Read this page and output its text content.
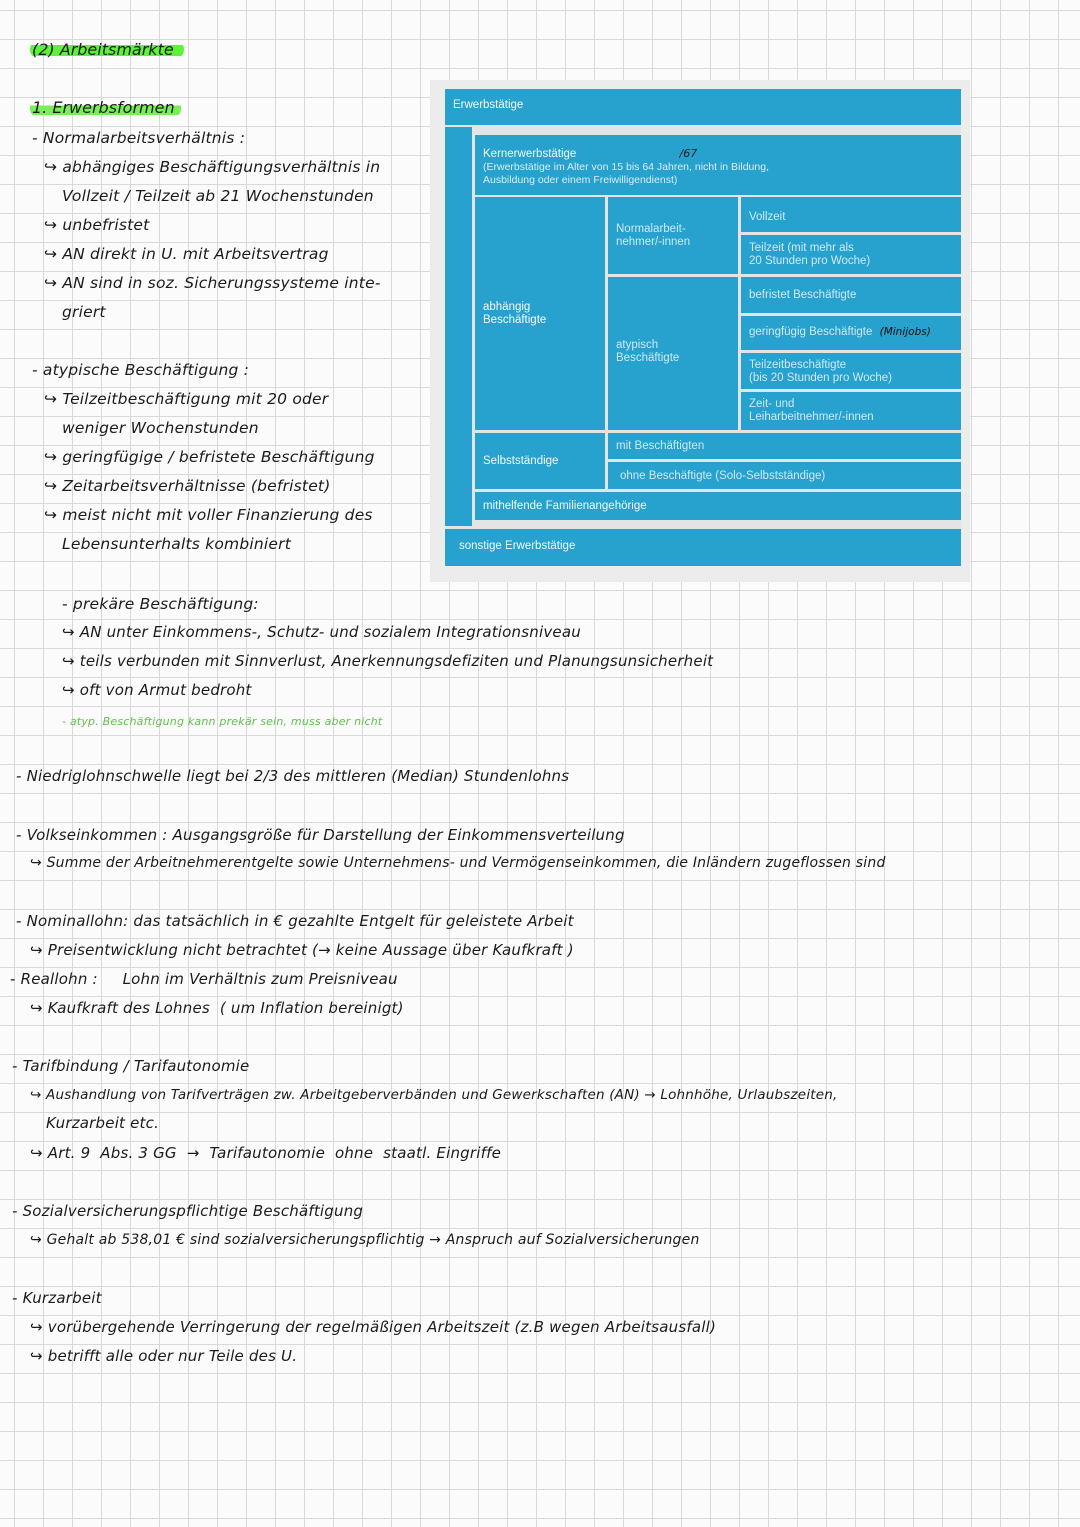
(2) Arbeitsmärkte
1. Erwerbsformen
- Normalarbeitsverhältnis :
↪ abhängiges Beschäftigungsverhältnis in
Vollzeit / Teilzeit ab 21 Wochenstunden
↪ unbefristet
↪ AN direkt in U. mit Arbeitsvertrag
↪ AN sind in soz. Sicherungssysteme inte-
griert
- atypische Beschäftigung :
↪ Teilzeitbeschäftigung mit 20 oder
weniger Wochenstunden
↪ geringfügige / befristete Beschäftigung
↪ Zeitarbeitsverhältnisse (befristet)
↪ meist nicht mit voller Finanzierung des
Lebensunterhalts kombiniert
Erwerbstätige
Kernerwerbstätige	/67
(Erwerbstätige im Alter von 15 bis 64 Jahren, nicht in Bildung,
Ausbildung oder einem Freiwilligendienst)
abhängig
Beschäftigte
Normalarbeit-
nehmer/-innen
Vollzeit
Teilzeit (mit mehr als
20 Stunden pro Woche)
atypisch
Beschäftigte
befristet Beschäftigte
geringfügig Beschäftigte (Minijobs)
Teilzeitbeschäftigte
(bis 20 Stunden pro Woche)
Zeit- und
Leiharbeitnehmer/-innen
Selbstständige
mit Beschäftigten
ohne Beschäftigte (Solo-Selbstständige)
mithelfende Familienangehörige
sonstige Erwerbstätige
- prekäre Beschäftigung:
↪ AN unter Einkommens-, Schutz- und sozialem Integrationsniveau
↪ teils verbunden mit Sinnverlust, Anerkennungsdefiziten und Planungsunsicherheit
↪ oft von Armut bedroht
- atyp. Beschäftigung kann prekär sein, muss aber nicht
- Niedriglohnschwelle liegt bei 2/3 des mittleren (Median) Stundenlohns
- Volkseinkommen : Ausgangsgröße für Darstellung der Einkommensverteilung
↪ Summe der Arbeitnehmerentgelte sowie Unternehmens- und Vermögenseinkommen, die Inländern zugeflossen sind
- Nominallohn: das tatsächlich in € gezahlte Entgelt für geleistete Arbeit
↪ Preisentwicklung nicht betrachtet (→ keine Aussage über Kaufkraft )
- Reallohn :     Lohn im Verhältnis zum Preisniveau
↪ Kaufkraft des Lohnes  ( um Inflation bereinigt)
- Tarifbindung / Tarifautonomie
↪ Aushandlung von Tarifverträgen zw. Arbeitgeberverbänden und Gewerkschaften (AN) → Lohnhöhe, Urlaubszeiten,
Kurzarbeit etc.
↪ Art. 9  Abs. 3 GG  →  Tarifautonomie  ohne  staatl. Eingriffe
- Sozialversicherungspflichtige Beschäftigung
↪ Gehalt ab 538,01 € sind sozialversicherungspflichtig → Anspruch auf Sozialversicherungen
- Kurzarbeit
↪ vorübergehende Verringerung der regelmäßigen Arbeitszeit (z.B wegen Arbeitsausfall)
↪ betrifft alle oder nur Teile des U.
